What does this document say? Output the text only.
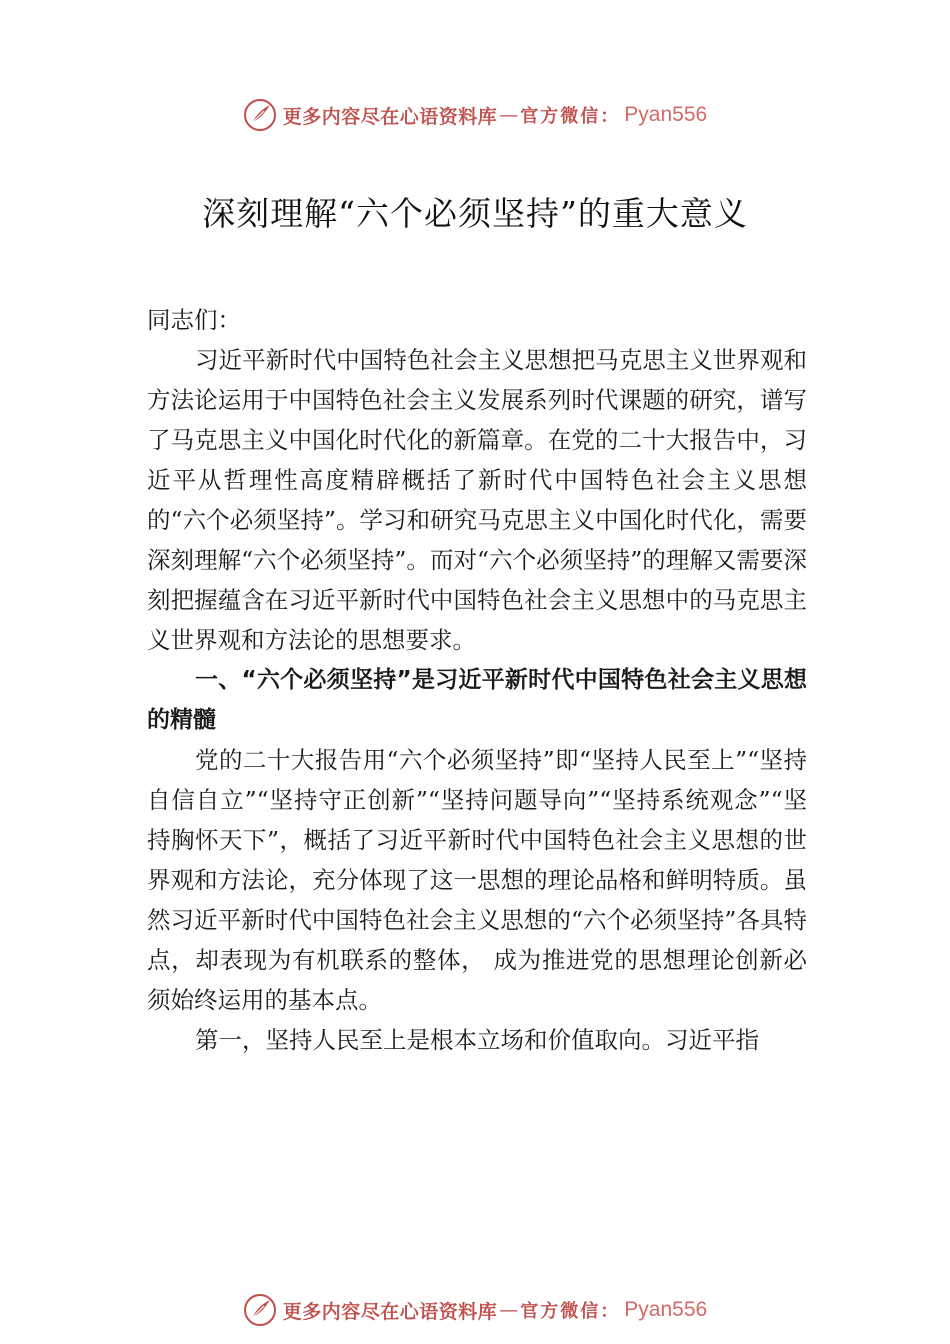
更多内容尽在心语资料库 — 官方微信： Pyan556
深刻理解“六个必须坚持”的重大意义

同志们：

习近平新时代中国特色社会主义思想把马克思主义世界观和方法论运用于中国特色社会主义发展系列时代课题的研究，谱写了马克思主义中国化时代化的新篇章。在党的二十大报告中，习近平从哲理性高度精辟概括了新时代中国特色社会主义思想的“六个必须坚持”。学习和研究马克思主义中国化时代化，需要深刻理解“六个必须坚持”。而对“六个必须坚持”的理解又需要深刻把握蕴含在习近平新时代中国特色社会主义思想中的马克思主义世界观和方法论的思想要求。

一、“六个必须坚持”是习近平新时代中国特色社会主义思想的精髓

党的二十大报告用“六个必须坚持”即“坚持人民至上”“坚持自信自立”“坚持守正创新”“坚持问题导向”“坚持系统观念”“坚持胸怀天下”，概括了习近平新时代中国特色社会主义思想的世界观和方法论，充分体现了这一思想的理论品格和鲜明特质。虽然习近平新时代中国特色社会主义思想的“六个必须坚持”各具特点，却表现为有机联系的整体， 成为推进党的思想理论创新必须始终运用的基本点。

第一，坚持人民至上是根本立场和价值取向。习近平指

更多内容尽在心语资料库 — 官方微信： Pyan556
